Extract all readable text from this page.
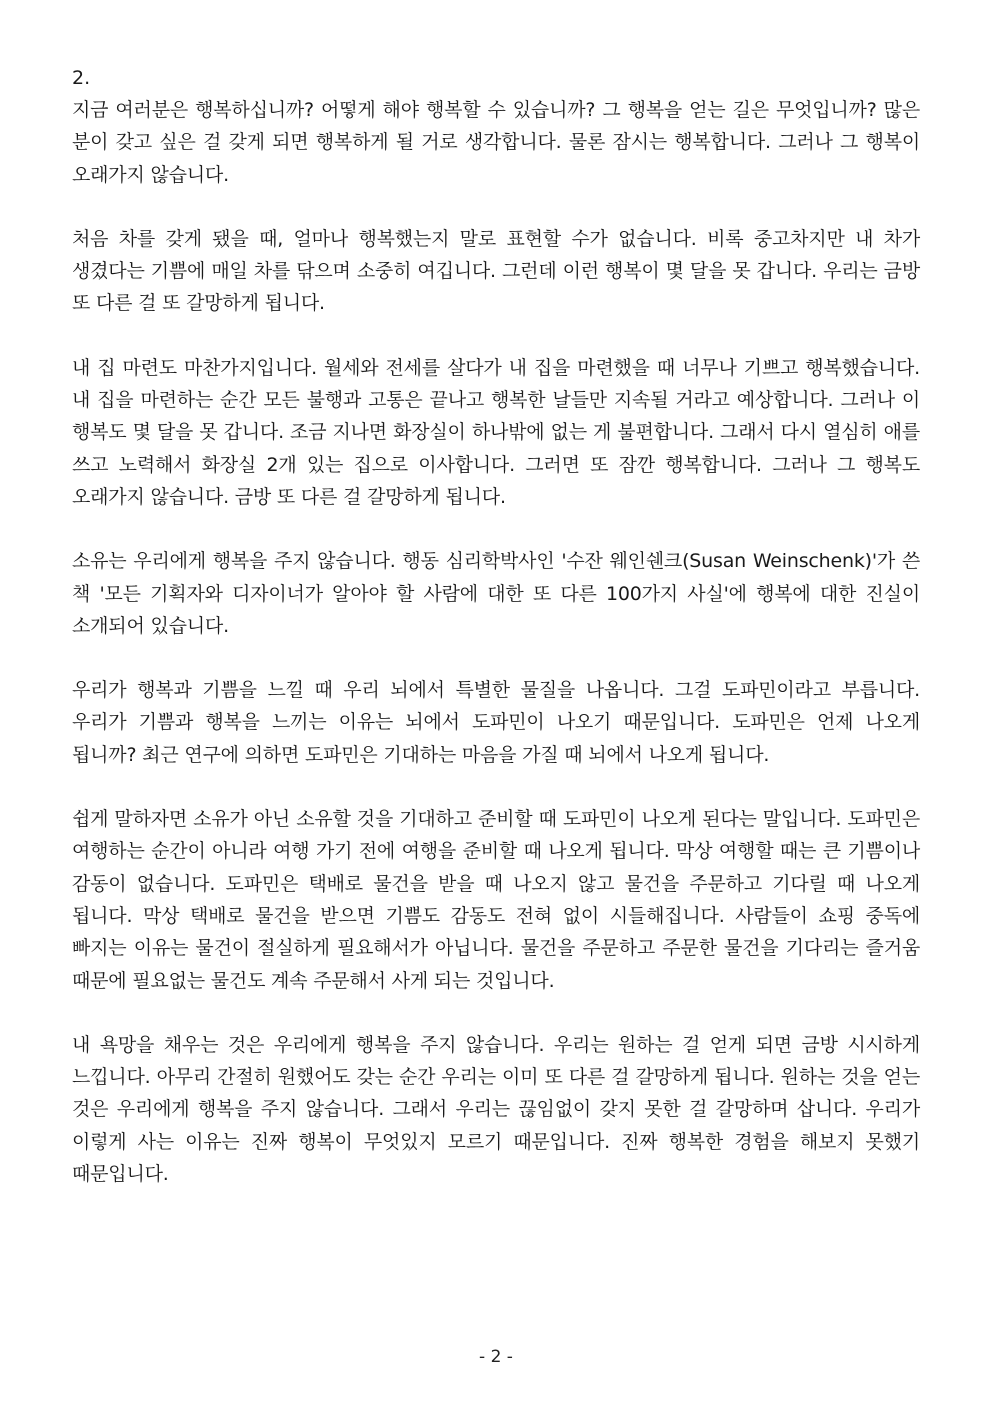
2.

지금 여러분은 행복하십니까? 어떻게 해야 행복할 수 있습니까? 그 행복을 얻는 길은 무엇입니까? 많은 분이 갖고 싶은 걸 갖게 되면 행복하게 될 거로 생각합니다. 물론 잠시는 행복합니다. 그러나 그 행복이 오래가지 않습니다.

처음 차를 갖게 됐을 때, 얼마나 행복했는지 말로 표현할 수가 없습니다. 비록 중고차지만 내 차가 생겼다는 기쁨에 매일 차를 닦으며 소중히 여깁니다. 그런데 이런 행복이 몇 달을 못 갑니다. 우리는 금방 또 다른 걸 또 갈망하게 됩니다.

내 집 마련도 마찬가지입니다. 월세와 전세를 살다가 내 집을 마련했을 때 너무나 기쁘고 행복했습니다. 내 집을 마련하는 순간 모든 불행과 고통은 끝나고 행복한 날들만 지속될 거라고 예상합니다. 그러나 이 행복도 몇 달을 못 갑니다. 조금 지나면 화장실이 하나밖에 없는 게 불편합니다. 그래서 다시 열심히 애를 쓰고 노력해서 화장실 2개 있는 집으로 이사합니다. 그러면 또 잠깐 행복합니다. 그러나 그 행복도 오래가지 않습니다. 금방 또 다른 걸 갈망하게 됩니다.

소유는 우리에게 행복을 주지 않습니다. 행동 심리학박사인 '수잔 웨인쉔크(Susan Weinschenk)'가 쓴 책 '모든 기획자와 디자이너가 알아야 할 사람에 대한 또 다른 100가지 사실'에 행복에 대한 진실이 소개되어 있습니다.

우리가 행복과 기쁨을 느낄 때 우리 뇌에서 특별한 물질을 나옵니다. 그걸 도파민이라고 부릅니다. 우리가 기쁨과 행복을 느끼는 이유는 뇌에서 도파민이 나오기 때문입니다. 도파민은 언제 나오게 됩니까? 최근 연구에 의하면 도파민은 기대하는 마음을 가질 때 뇌에서 나오게 됩니다.

쉽게 말하자면 소유가 아닌 소유할 것을 기대하고 준비할 때 도파민이 나오게 된다는 말입니다. 도파민은 여행하는 순간이 아니라 여행 가기 전에 여행을 준비할 때 나오게 됩니다. 막상 여행할 때는 큰 기쁨이나 감동이 없습니다. 도파민은 택배로 물건을 받을 때 나오지 않고 물건을 주문하고 기다릴 때 나오게 됩니다. 막상 택배로 물건을 받으면 기쁨도 감동도 전혀 없이 시들해집니다. 사람들이 쇼핑 중독에 빠지는 이유는 물건이 절실하게 필요해서가 아닙니다. 물건을 주문하고 주문한 물건을 기다리는 즐거움 때문에 필요없는 물건도 계속 주문해서 사게 되는 것입니다.

내 욕망을 채우는 것은 우리에게 행복을 주지 않습니다. 우리는 원하는 걸 얻게 되면 금방 시시하게 느낍니다. 아무리 간절히 원했어도 갖는 순간 우리는 이미 또 다른 걸 갈망하게 됩니다. 원하는 것을 얻는 것은 우리에게 행복을 주지 않습니다. 그래서 우리는 끊임없이 갖지 못한 걸 갈망하며 삽니다. 우리가 이렇게 사는 이유는 진짜 행복이 무엇있지 모르기 때문입니다. 진짜 행복한 경험을 해보지 못했기 때문입니다.

- 2 -
